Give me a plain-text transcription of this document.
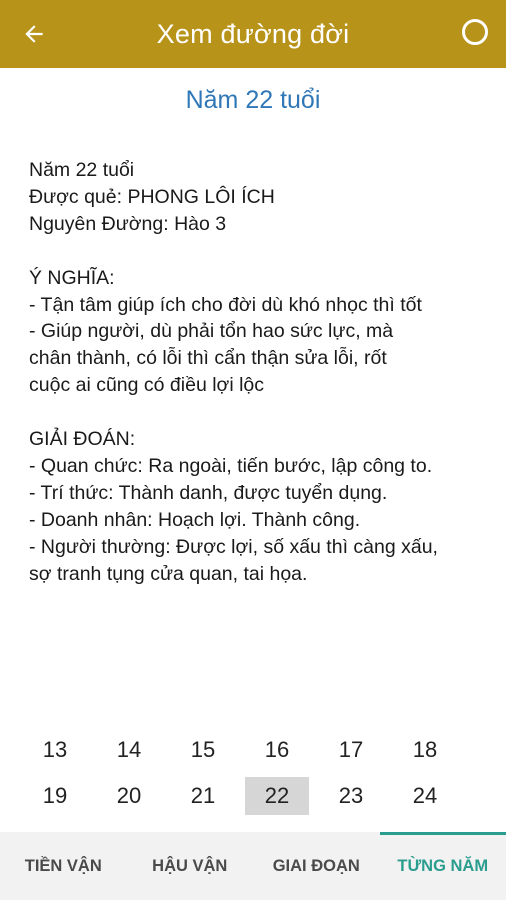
Xem đường đời
Năm 22 tuổi

Năm 22 tuổi

Được quẻ: PHONG LÔI ÍCH

Nguyên Đường: Hào 3

Ý NGHĨA:

- Tận tâm giúp ích cho đời dù khó nhọc thì tốt

- Giúp người, dù phải tổn hao sức lực, mà

chân thành, có lỗi thì cẩn thận sửa lỗi, rốt

cuộc ai cũng có điều lợi lộc

GIẢI ĐOÁN:

- Quan chức: Ra ngoài, tiến bước, lập công to.

- Trí thức: Thành danh, được tuyển dụng.

- Doanh nhân: Hoạch lợi. Thành công.

- Người thường: Được lợi, số xấu thì càng xấu,

sợ tranh tụng cửa quan, tai họa.

13	14	15	16	17	18
19	20	21	22	23	24
TIỀN VẬN	HẬU VẬN	GIAI ĐOẠN	TỪNG NĂM
